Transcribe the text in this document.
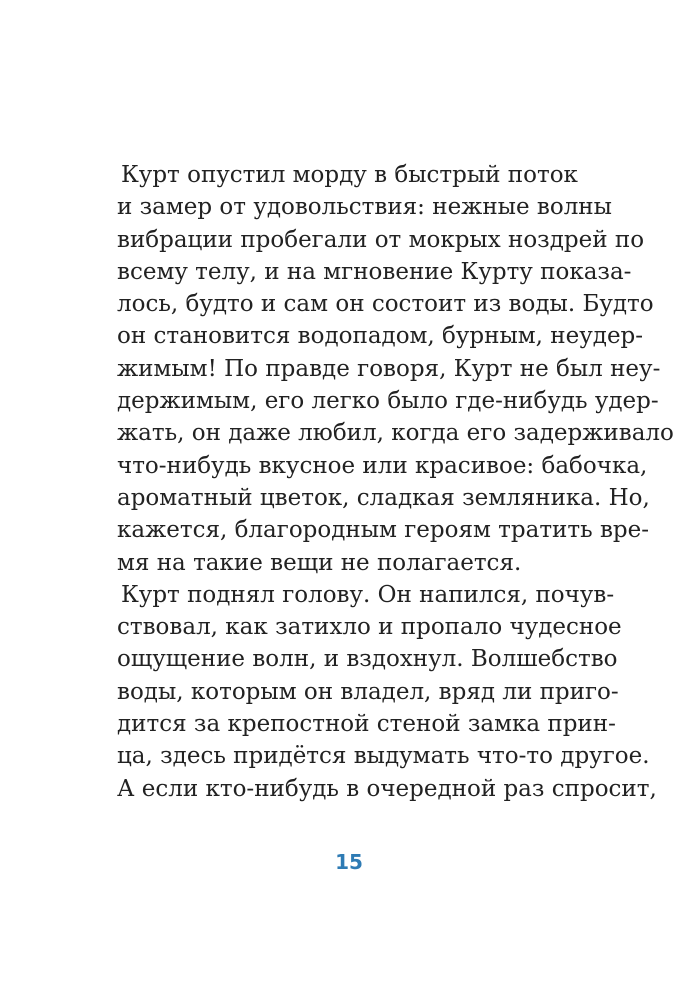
Курт опустил морду в быстрый поток
и замер от удовольствия: нежные волны
вибрации пробегали от мокрых ноздрей по
всему телу, и на мгновение Курту показа-
лось, будто и сам он состоит из воды. Будто
он становится водопадом, бурным, неудер-
жимым! По правде говоря, Курт не был неу-
держимым, его легко было где-нибудь удер-
жать, он даже любил, когда его задерживало
что-нибудь вкусное или красивое: бабочка,
ароматный цветок, сладкая земляника. Но,
кажется, благородным героям тратить вре-
мя на такие вещи не полагается.
Курт поднял голову. Он напился, почув-
ствовал, как затихло и пропало чудесное
ощущение волн, и вздохнул. Волшебство
воды, которым он владел, вряд ли приго-
дится за крепостной стеной замка прин-
ца, здесь придётся выдумать что-то другое.
А если кто-нибудь в очередной раз спросит,
15
